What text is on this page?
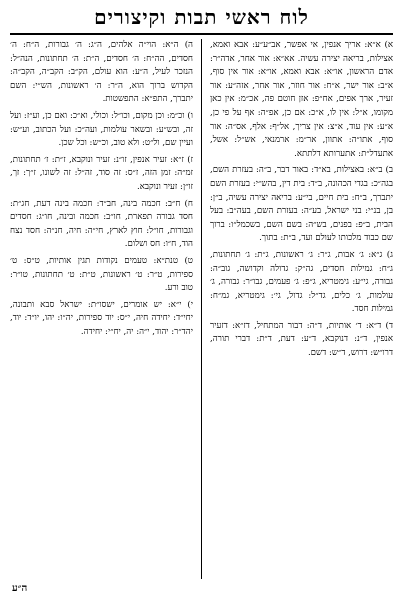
לוח ראשי תבות וקיצורים

א) א״א: אריך אנפין, אי אפשר, אב״ע״ע: אבא ואמא, אצילות, בריאה יצירה עשיה. אא״א: אור אחר, אדה״ר: אדם הראשון, או״א: אבא ואמא, או״א: אור אין סוף, א״ב: אור ישר, א״ח: אור חוזר, אור אחר, אזה״ע: אור זעיר, ארך אפים, אח״פ: אזן חוטם פה, אכ״מ: אין כאן מקומו, א״ל: אין לו, א״כ: אם כן, אפ״ה: אף על פי כן, א״ע: אין עוד, א״צ: אין צריך, אל״ף: אלף, אס״ה: אור סוף, אתו״ה: אתוון, אר״מ: ארמנאי, אש״ל: אשל, אתעדל״ת: אתערותא דלתתא.

ב) ב״א: באצילות, בא״ד: באור דבר, ב״ה: בעזרת השם, בגה״כ: בגדי הכהונה, ב״ד: בית דין, בהש״י: בעזרת השם יתברך, ב״ח: בית חיים, בי״ע: בריאה יצירה עשיה, ב״ן: בן, בנ״י: בני ישראל, בע״ה: בעזרת השם, בעה״ב: בעל הבית, ב״פ: בפנים, בש״ה: בשם השם, בשכמל״ו: ברוך שם כבוד מלכותו לעולם ועד, ב״ת: בתוך.

ג) ג״א: ג׳ אבות, ג״ר: ג׳ ראשונות, ג״ת: ג׳ תחתונות, ג״ח: גמילות חסדים, גה״ק: גדולה וקדושה, גוב״ה: גבורה, גי״ע: גימטריא, ג״פ: ג׳ פעמים, גבו״ר: גבורה, ג׳ עולמות, ג׳ כלים, גד״ל: גדול, גי׳: גימטריא, גמ״ח: גמילות חסד.

ד) ד״א: ד׳ אותיות, ד״ה: דבור המתחיל, דז״א: דזעיר אנפין, ד״נ: דנוקבא, ד״ע: דעת, ד״ת: דברי תורה, דרו״ש: דרוש, ד״ש: דשם.

ה) ה״א: הוי״ה אלהים, ה״ג: ה׳ גבורות, ה״ח: ה׳ חסדים, הה״ח: ה׳ חסדים, ה״ת: ה׳ תחתונות, הנה״ל: הנזכר לעיל, ה״ע: הוא עולם, הק״ב: הקב״ה, הקב״ה: הקדוש ברוך הוא, ה״ר: ה׳ ראשונות, הש״י: השם יתברך, התפ״א: התפשטות.

ו) וכ״מ: וכן מקום, וכו״ל: וכולי, וא״כ: ואם כן, וע״ז: ועל זה, ובש״ע: ובשאר עולמות, ועה״כ: ועל הכתוב, וע״ש: ועיין שם, ול״ט: ולא טוב, וכ״ש: וכל שכן.

ז) ז״א: זעיר אנפין, זו״נ: זעיר ונוקבא, ז״ת: ז׳ תחתונות, זמ״ה: זמן הזה, ז״ס: זה סוד, זה״ל: זה לשונו, ז״ך: זך, זו״ן: זעיר ונוקבא.

ח) ח״ב: חכמה בינה, חב״ד: חכמה בינה דעת, חג״ת: חסד גבורה תפארת, חו״ב: חכמה ובינה, חו״ג: חסדים וגבורות, חו״ל: חוץ לארץ, חי״ה: חיה, חנ״ה: חסד נצח הוד, ח״ו: חס ושלום.

ט) טנת״א: טעמים נקודות תגין אותיות, ט״ס: ט׳ ספירות, ט״ר: ט׳ ראשונות, ט״ת: ט׳ תחתונות, טו״ר: טוב ורע.

י) י״א: יש אומרים, ישסו״ת: ישראל סבא ותבונה, יחי״ד: יחידה חיה, י״ס: יוד ספירות, יה״ו: יהו, יו״ד: יוד, יהד״ר: יהוד, י״ה: יה, יח״י: יחידה.

ה״ע
